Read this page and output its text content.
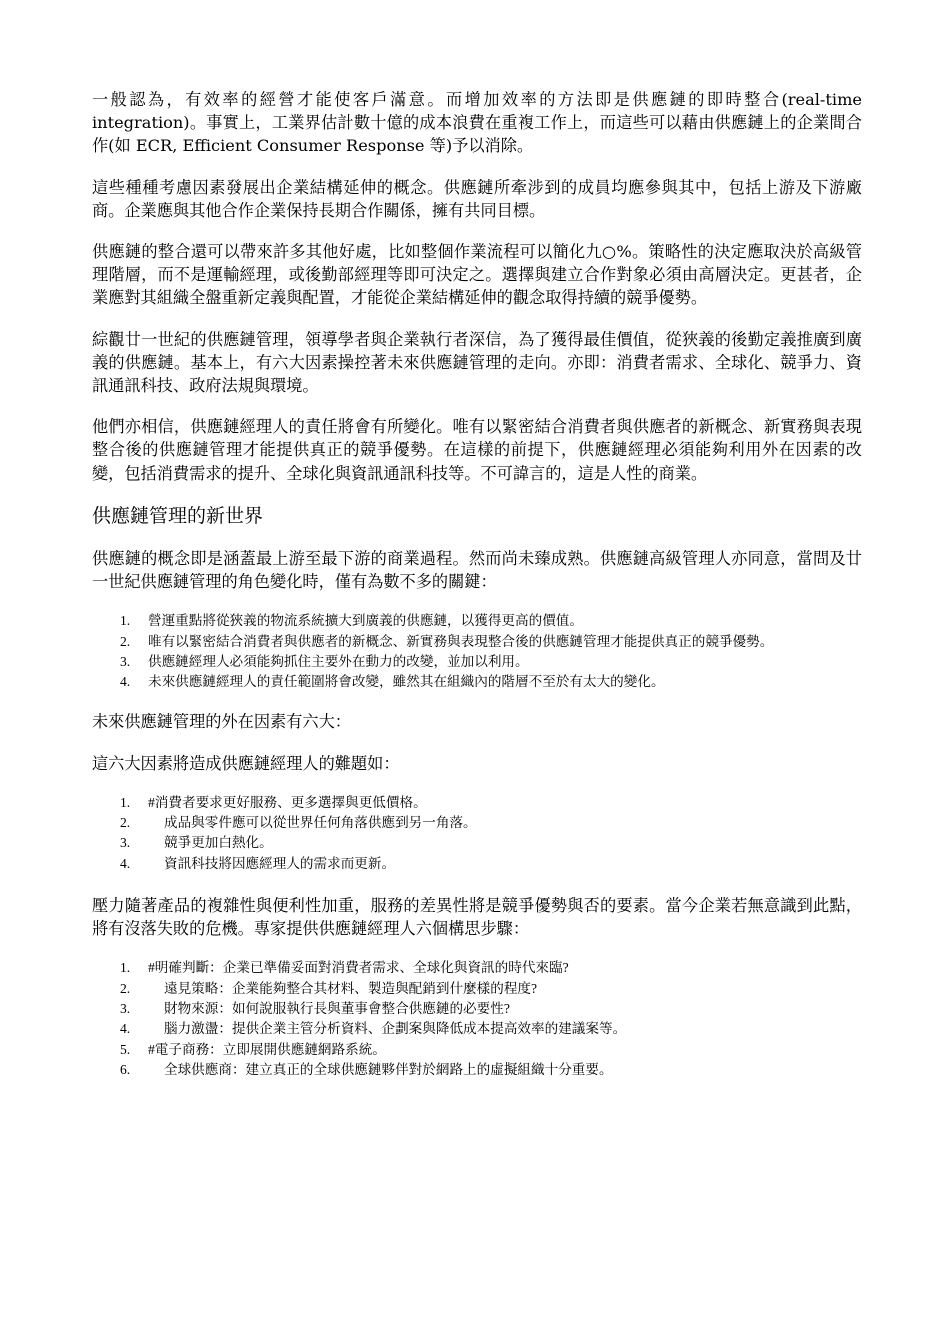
一般認為，有效率的經營才能使客戶滿意。而增加效率的方法即是供應鏈的即時整合(real-time integration)。事實上，工業界估計數十億的成本浪費在重複工作上，而這些可以藉由供應鏈上的企業間合作(如 ECR, Efficient Consumer Response 等)予以消除。

這些種種考慮因素發展出企業結構延伸的概念。供應鏈所牽涉到的成員均應參與其中，包括上游及下游廠商。企業應與其他合作企業保持長期合作關係，擁有共同目標。

供應鏈的整合還可以帶來許多其他好處，比如整個作業流程可以簡化九○%。策略性的決定應取決於高級管理階層，而不是運輸經理，或後勤部經理等即可決定之。選擇與建立合作對象必須由高層決定。更甚者，企業應對其組織全盤重新定義與配置，才能從企業結構延伸的觀念取得持續的競爭優勢。

綜觀廿一世紀的供應鏈管理，領導學者與企業執行者深信，為了獲得最佳價值，從狹義的後勤定義推廣到廣義的供應鏈。基本上，有六大因素操控著未來供應鏈管理的走向。亦即：消費者需求、全球化、競爭力、資訊通訊科技、政府法規與環境。

他們亦相信，供應鏈經理人的責任將會有所變化。唯有以緊密結合消費者與供應者的新概念、新實務與表現整合後的供應鏈管理才能提供真正的競爭優勢。在這樣的前提下，供應鏈經理必須能夠利用外在因素的改變，包括消費需求的提升、全球化與資訊通訊科技等。不可諱言的，這是人性的商業。

供應鏈管理的新世界

供應鏈的概念即是涵蓋最上游至最下游的商業過程。然而尚未臻成熟。供應鏈高級管理人亦同意，當問及廿一世紀供應鏈管理的角色變化時，僅有為數不多的關鍵：

1.	營運重點將從狹義的物流系統擴大到廣義的供應鏈，以獲得更高的價值。
2.	唯有以緊密結合消費者與供應者的新概念、新實務與表現整合後的供應鏈管理才能提供真正的競爭優勢。
3.	供應鏈經理人必須能夠抓住主要外在動力的改變，並加以利用。
4.	未來供應鏈經理人的責任範圍將會改變，雖然其在組織內的階層不至於有太大的變化。

未來供應鏈管理的外在因素有六大：

這六大因素將造成供應鏈經理人的難題如：

1.	#消費者要求更好服務、更多選擇與更低價格。
2.	成品與零件應可以從世界任何角落供應到另一角落。
3.	競爭更加白熱化。
4.	資訊科技將因應經理人的需求而更新。

壓力隨著產品的複雜性與便利性加重，服務的差異性將是競爭優勢與否的要素。當今企業若無意識到此點，將有沒落失敗的危機。專家提供供應鏈經理人六個構思步驟：

1.	#明確判斷：企業已準備妥面對消費者需求、全球化與資訊的時代來臨?
2.	遠見策略：企業能夠整合其材料、製造與配銷到什麼樣的程度?
3.	財物來源：如何說服執行長與董事會整合供應鏈的必要性?
4.	腦力激盪：提供企業主管分析資料、企劃案與降低成本提高效率的建議案等。
5.	#電子商務：立即展開供應鏈網路系統。
6.	全球供應商：建立真正的全球供應鏈夥伴對於網路上的虛擬組織十分重要。
